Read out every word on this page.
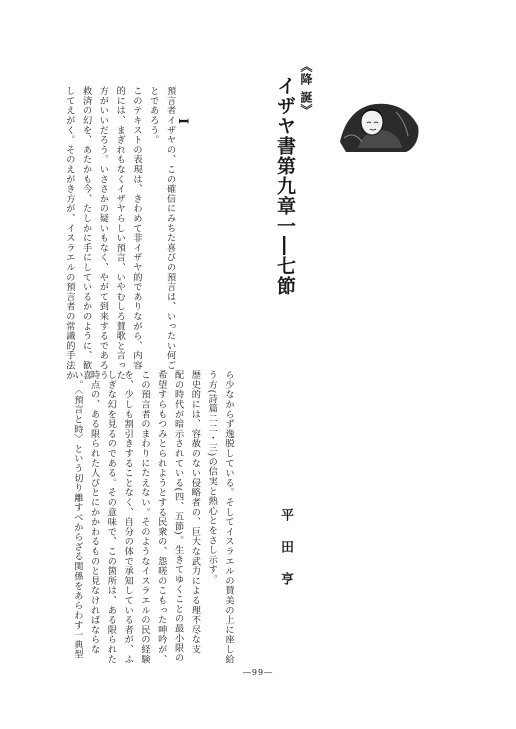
《降 誕》

イザヤ書第九章一―七節

平田亨

I

預言者イザヤの、この確信にみちた喜びの預言は、いったい何ご
とであろう。
このテキストの表現は、きわめて非イザヤ的でありながら、内容
的には、まぎれもなくイザヤらしい預言、いやむしろ賛歌と言った
方がいいだろう。いささかの疑いもなく、やがて到来するであろう
救済の幻を、あたかも今、たしかに手にしているかのように、歓喜
してえがく。そのえがき方が、イスラエルの預言者の常識的手法か
ら少なからず逸脱している。そしてイスラエルの賛美の上に座し給
う方(詩篇二二・三)の信実と熱心とをさし示す。
歴史的には、容赦のない侵略者の、巨大な武力による理不尽な支
配の時代が暗示されている(四、五節)。生きてゆくことの最小限の
希望すらもつみとられようとする民衆の、怨嗟のこもった呻吟が、
この預言者のまわりにたえない。そのようなイスラエルの民の経験
を、少しも割引きすることなく、自分の体で承知している者が、ふ
しぎな幻を見るのである。その意味で、この箇所は、ある限られた
時点の、ある限られた人びとにかかわるものと見なければならな
い。〈預言と時〉という切り離すべからざる関係をあらわす一典型
―99―
